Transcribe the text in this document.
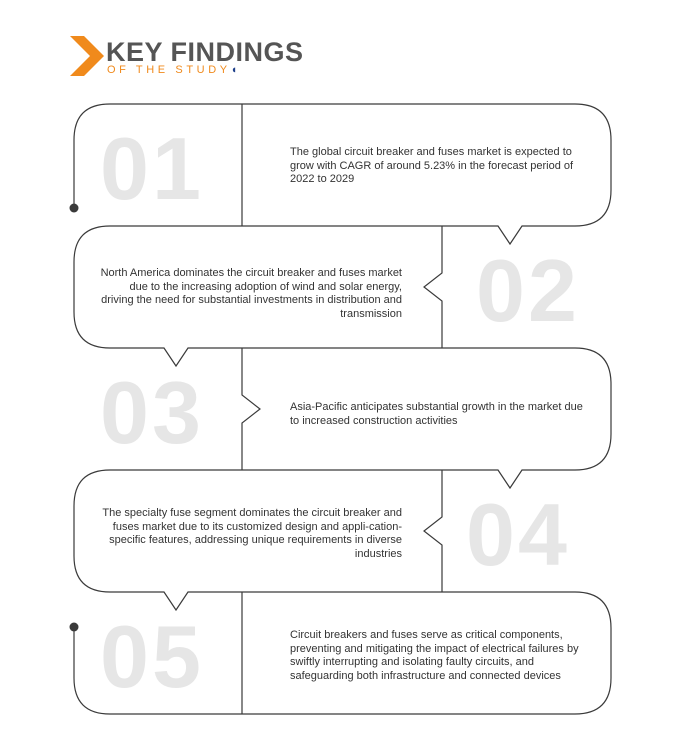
KEY FINDINGS
OF THE STUDY◖
01
02
03
04
05
The global circuit breaker and fuses market is expected to grow with CAGR of around 5.23% in the forecast period of 2022 to 2029
North America dominates the circuit breaker and fuses market due to the increasing adoption of wind and solar energy, driving the need for substantial investments in distribution and transmission
Asia-Pacific anticipates substantial growth in the market due to increased construction activities
The specialty fuse segment dominates the circuit breaker and fuses market due to its customized design and appli-cation-specific features, addressing unique requirements in diverse industries
Circuit breakers and fuses serve as critical components, preventing and mitigating the impact of electrical failures by swiftly interrupting and isolating faulty circuits, and safeguarding both infrastructure and connected devices
